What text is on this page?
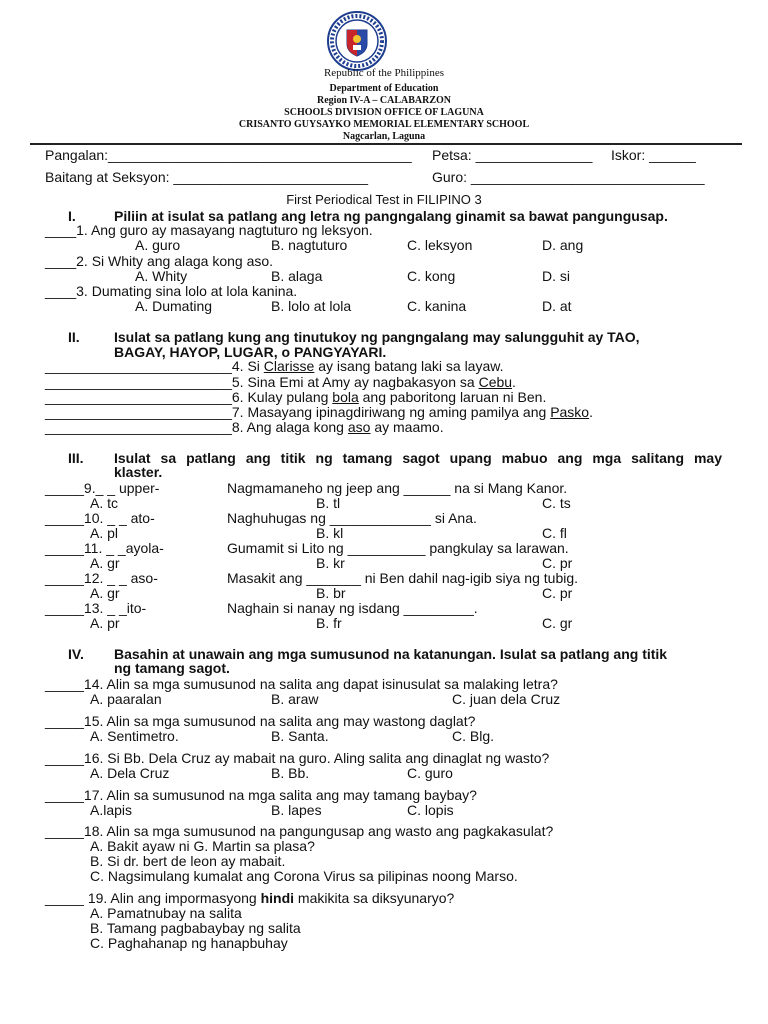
Republic of the Philippines
Department of Education
Region IV-A – CALABARZON
SCHOOLS DIVISION OFFICE OF LAGUNA
CRISANTO GUYSAYKO MEMORIAL ELEMENTARY SCHOOL
Nagcarlan, Laguna
Pangalan:_______________________________________ Petsa: _______________ Iskor: ______
Baitang at Seksyon: _________________________	Guro: ______________________________
First Periodical Test in FILIPINO 3
I.	Piliin at isulat sa patlang ang letra ng pangngalang ginamit sa bawat pangungusap.
____1. Ang guro ay masayang nagtuturo ng leksyon.
A. guro	B. nagtuturo	C. leksyon	D. ang
____2. Si Whity ang alaga kong aso.
A. Whity	B. alaga	C. kong	D. si
____3. Dumating sina lolo at lola kanina.
A. Dumating	B. lolo at lola	C. kanina	D. at
II. Isulat sa patlang kung ang tinutukoy ng pangngalang may salungguhit ay TAO,
BAGAY, HAYOP, LUGAR, o PANGYAYARI.
________________________4. Si Clarisse ay isang batang laki sa layaw.
________________________5. Sina Emi at Amy ay nagbakasyon sa Cebu.
________________________6. Kulay pulang bola ang paboritong laruan ni Ben.
________________________7. Masayang ipinagdiriwang ng aming pamilya ang Pasko.
________________________8. Ang alaga kong aso ay maamo.
III. Isulat sa patlang ang titik ng tamang sagot upang mabuo ang mga salitang may
klaster.
_____9._ _ upper-	Nagmamaneho ng jeep ang ______ na si Mang Kanor.
A. tc	B. tl	C. ts
_____10. _ _ ato-	Naghuhugas ng _____________ si Ana.
A. pl	B. kl	C. fl
_____11. _ _ayola-	Gumamit si Lito ng __________ pangkulay sa larawan.
A. gr	B. kr	C. pr
_____12. _ _ aso-	Masakit ang _______ ni Ben dahil nag-igib siya ng tubig.
A. gr	B. br	C. pr
_____13. _ _ito-	Naghain si nanay ng isdang _________.
A. pr	B. fr	C. gr
IV. Basahin at unawain ang mga sumusunod na katanungan. Isulat sa patlang ang titik
ng tamang sagot.
_____14. Alin sa mga sumusunod na salita ang dapat isinusulat sa malaking letra?
A. paaralan	B. araw	C. juan dela Cruz
_____15. Alin sa mga sumusunod na salita ang may wastong daglat?
A. Sentimetro.	B. Santa.	C. Blg.
_____16. Si Bb. Dela Cruz ay mabait na guro. Aling salita ang dinaglat ng wasto?
A. Dela Cruz	B. Bb.	C. guro
_____17. Alin sa sumusunod na mga salita ang may tamang baybay?
A.lapis	B. lapes	C. lopis
_____18. Alin sa mga sumusunod na pangungusap ang wasto ang pagkakasulat?
A. Bakit ayaw ni G. Martin sa plasa?
B. Si dr. bert de leon ay mabait.
C. Nagsimulang kumalat ang Corona Virus sa pilipinas noong Marso.
_____ 19. Alin ang impormasyong hindi makikita sa diksyunaryo?
A. Pamatnubay na salita
B. Tamang pagbabaybay ng salita
C. Paghahanap ng hanapbuhay
